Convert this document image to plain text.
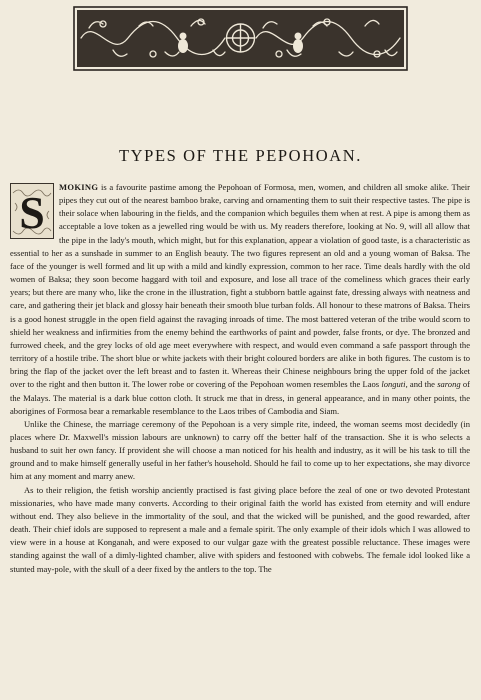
TYPES OF THE PEPOHOAN.
S	MOKING is a favourite pastime among the Pepohoan of Formosa, men, women, and children all smoke alike. Their pipes they cut out of the nearest bamboo brake, carving and ornamenting them to suit their respective tastes. The pipe is their solace when labouring in the fields, and the companion which beguiles them when at rest. A pipe is among them as acceptable a love token as a jewelled ring would be with us. My readers therefore, looking at No. 9, will all allow that the pipe in the lady's mouth, which might, but for this explanation, appear a violation of good taste, is a characteristic as essential to her as a sunshade in summer to an English beauty. The two figures represent an old and a young woman of Baksa. The face of the younger is well formed and lit up with a mild and kindly expression, common to her race. Time deals hardly with the old women of Baksa; they soon become haggard with toil and exposure, and lose all trace of the comeliness which graces their early years; but there are many who, like the crone in the illustration, fight a stubborn battle against fate, dressing always with neatness and care, and gathering their jet black and glossy hair beneath their smooth blue turban folds. All honour to these matrons of Baksa. Theirs is a good honest struggle in the open field against the ravaging inroads of time. The most battered veteran of the tribe would scorn to shield her weakness and infirmities from the enemy behind the earthworks of paint and powder, false fronts, or dye. The bronzed and furrowed cheek, and the grey locks of old age meet everywhere with respect, and would even command a safe passport through the territory of a hostile tribe. The short blue or white jackets with their bright coloured borders are alike in both figures. The custom is to bring the flap of the jacket over the left breast and to fasten it. Whereas their Chinese neighbours bring the upper fold of the jacket over to the right and then button it. The lower robe or covering of the Pepohoan women resembles the Laos longuti, and the sarong of the Malays. The material is a dark blue cotton cloth. It struck me that in dress, in general appearance, and in many other points, the aborigines of Formosa bear a remarkable resemblance to the Laos tribes of Cambodia and Siam.

Unlike the Chinese, the marriage ceremony of the Pepohoan is a very simple rite, indeed, the woman seems most decidedly (in places where Dr. Maxwell's mission labours are unknown) to carry off the better half of the transaction. She it is who selects a husband to suit her own fancy. If provident she will choose a man noticed for his health and industry, as it will be his task to till the ground and to make himself generally useful in her father's household. Should he fail to come up to her expectations, she may divorce him at any moment and marry anew.

As to their religion, the fetish worship anciently practised is fast giving place before the zeal of one or two devoted Protestant missionaries, who have made many converts. According to their original faith the world has existed from eternity and will endure without end. They also believe in the immortality of the soul, and that the wicked will be punished, and the good rewarded, after death. Their chief idols are supposed to represent a male and a female spirit. The only example of their idols which I was allowed to view were in a house at Konganah, and were exposed to our vulgar gaze with the greatest possible reluctance. These images were standing against the wall of a dimly-lighted chamber, alive with spiders and festooned with cobwebs. The female idol looked like a stunted may-pole, with the skull of a deer fixed by the antlers to the top. The
